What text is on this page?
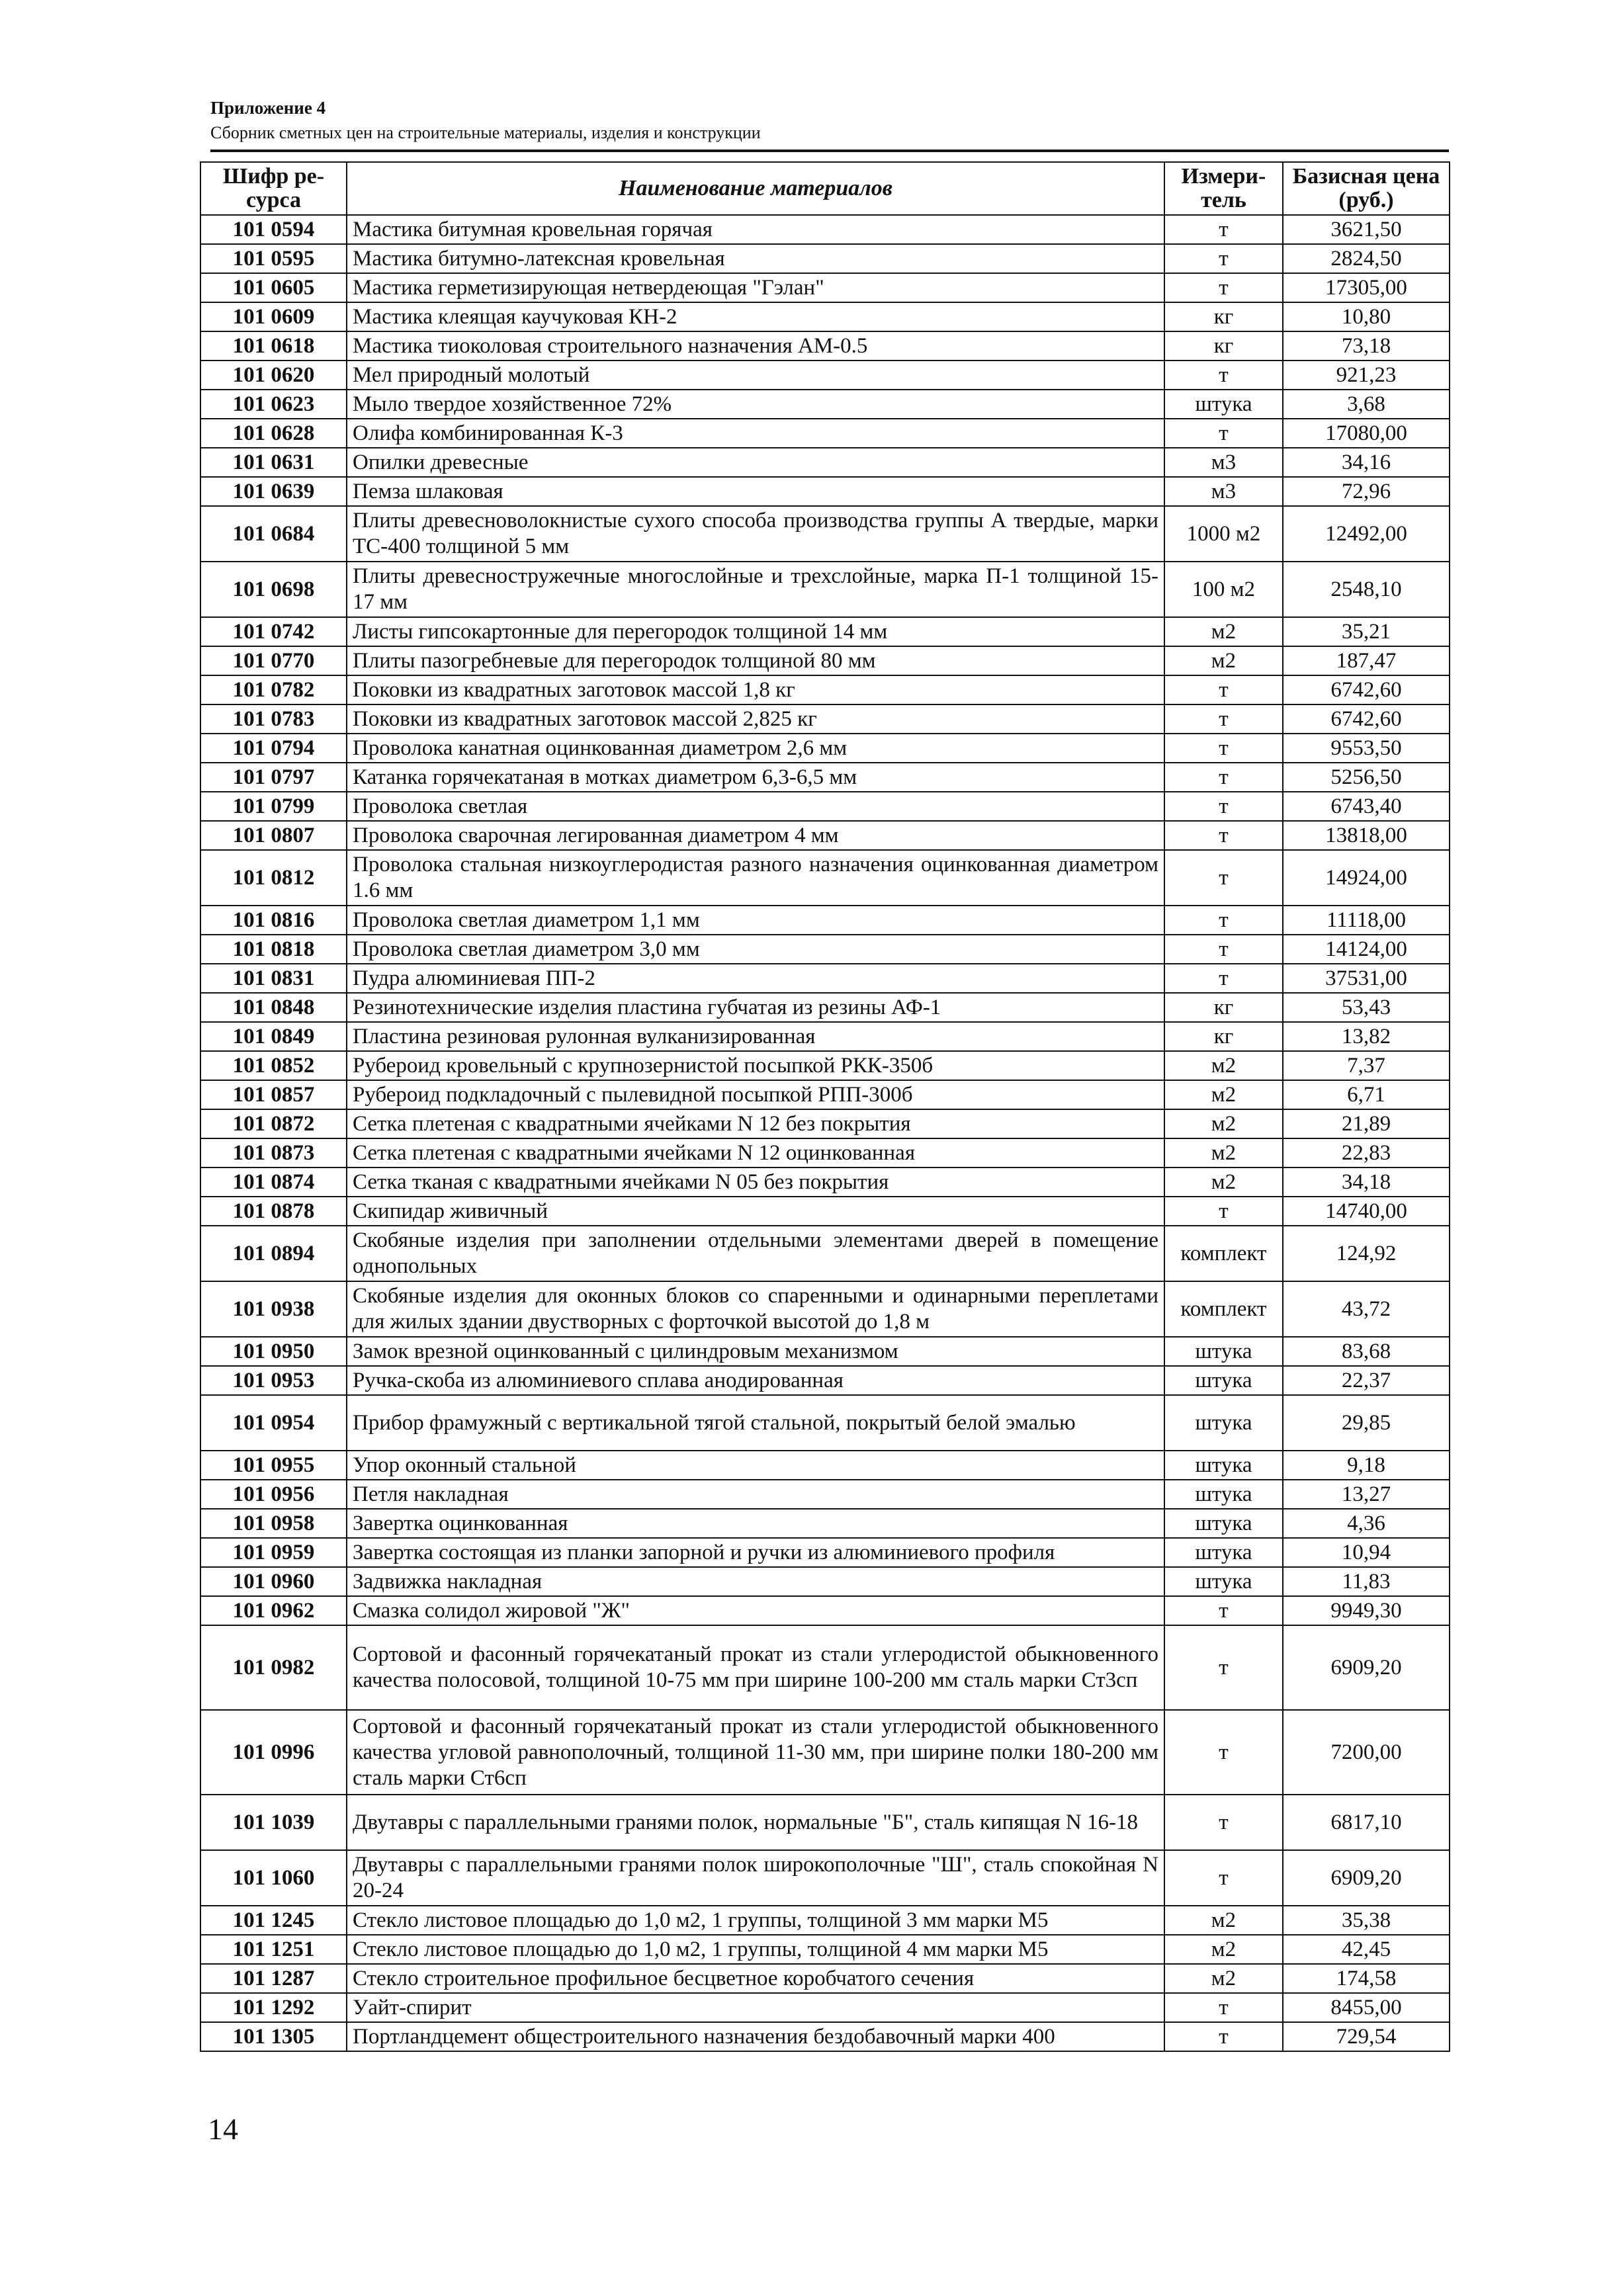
Приложение 4
Сборник сметных цен на строительные материалы, изделия и конструкции
Шифр ре-сурса	Наименование материалов	Измери-тель	Базисная цена (руб.)
101 0594	Мастика битумная кровельная горячая	т	3621,50
101 0595	Мастика битумно-латексная кровельная	т	2824,50
101 0605	Мастика герметизирующая нетвердеющая "Гэлан"	т	17305,00
101 0609	Мастика клеящая каучуковая КН-2	кг	10,80
101 0618	Мастика тиоколовая строительного назначения АМ-0.5	кг	73,18
101 0620	Мел природный молотый	т	921,23
101 0623	Мыло твердое хозяйственное 72%	штука	3,68
101 0628	Олифа комбинированная К-3	т	17080,00
101 0631	Опилки древесные	м3	34,16
101 0639	Пемза шлаковая	м3	72,96
101 0684	Плиты древесноволокнистые сухого способа производства группы А твердые, марки ТС-400 толщиной 5 мм	1000 м2	12492,00
101 0698	Плиты древесностружечные многослойные и трехслойные, марка П-1 толщиной 15-17 мм	100 м2	2548,10
101 0742	Листы гипсокартонные для перегородок толщиной 14 мм	м2	35,21
101 0770	Плиты пазогребневые для перегородок толщиной 80 мм	м2	187,47
101 0782	Поковки из квадратных заготовок массой 1,8 кг	т	6742,60
101 0783	Поковки из квадратных заготовок массой 2,825 кг	т	6742,60
101 0794	Проволока канатная оцинкованная диаметром 2,6 мм	т	9553,50
101 0797	Катанка горячекатаная в мотках диаметром 6,3-6,5 мм	т	5256,50
101 0799	Проволока светлая	т	6743,40
101 0807	Проволока сварочная легированная диаметром 4 мм	т	13818,00
101 0812	Проволока стальная низкоуглеродистая разного назначения оцинкованная диаметром 1.6 мм	т	14924,00
101 0816	Проволока светлая диаметром 1,1 мм	т	11118,00
101 0818	Проволока светлая диаметром 3,0 мм	т	14124,00
101 0831	Пудра алюминиевая ПП-2	т	37531,00
101 0848	Резинотехнические изделия пластина губчатая из резины АФ-1	кг	53,43
101 0849	Пластина резиновая рулонная вулканизированная	кг	13,82
101 0852	Рубероид кровельный с крупнозернистой посыпкой РКК-350б	м2	7,37
101 0857	Рубероид подкладочный с пылевидной посыпкой РПП-300б	м2	6,71
101 0872	Сетка плетеная с квадратными ячейками N 12 без покрытия	м2	21,89
101 0873	Сетка плетеная с квадратными ячейками N 12 оцинкованная	м2	22,83
101 0874	Сетка тканая с квадратными ячейками N 05 без покрытия	м2	34,18
101 0878	Скипидар живичный	т	14740,00
101 0894	Скобяные изделия при заполнении отдельными элементами дверей в помещение однопольных	комплект	124,92
101 0938	Скобяные изделия для оконных блоков со спаренными и одинарными переплетами для жилых здании двустворных с форточкой высотой до 1,8 м	комплект	43,72
101 0950	Замок врезной оцинкованный с цилиндровым механизмом	штука	83,68
101 0953	Ручка-скоба из алюминиевого сплава анодированная	штука	22,37
101 0954	Прибор фрамужный с вертикальной тягой стальной, покрытый белой эмалью	штука	29,85
101 0955	Упор оконный стальной	штука	9,18
101 0956	Петля накладная	штука	13,27
101 0958	Завертка оцинкованная	штука	4,36
101 0959	Завертка состоящая из планки запорной и ручки из алюминиевого профиля	штука	10,94
101 0960	Задвижка накладная	штука	11,83
101 0962	Смазка солидол жировой "Ж"	т	9949,30
101 0982	Сортовой и фасонный горячекатаный прокат из стали углеродистой обыкновенного качества полосовой, толщиной 10-75 мм при ширине 100-200 мм сталь марки Ст3сп	т	6909,20
101 0996	Сортовой и фасонный горячекатаный прокат из стали углеродистой обыкновенного качества угловой равнополочный, толщиной 11-30 мм, при ширине полки 180-200 мм сталь марки Ст6сп	т	7200,00
101 1039	Двутавры с параллельными гранями полок, нормальные "Б", сталь кипящая N 16-18	т	6817,10
101 1060	Двутавры с параллельными гранями полок широкополочные "Ш", сталь спокойная N 20-24	т	6909,20
101 1245	Стекло листовое площадью до 1,0 м2, 1 группы, толщиной 3 мм марки М5	м2	35,38
101 1251	Стекло листовое площадью до 1,0 м2, 1 группы, толщиной 4 мм марки М5	м2	42,45
101 1287	Стекло строительное профильное бесцветное коробчатого сечения	м2	174,58
101 1292	Уайт-спирит	т	8455,00
101 1305	Портландцемент общестроительного назначения бездобавочный марки 400	т	729,54
14
